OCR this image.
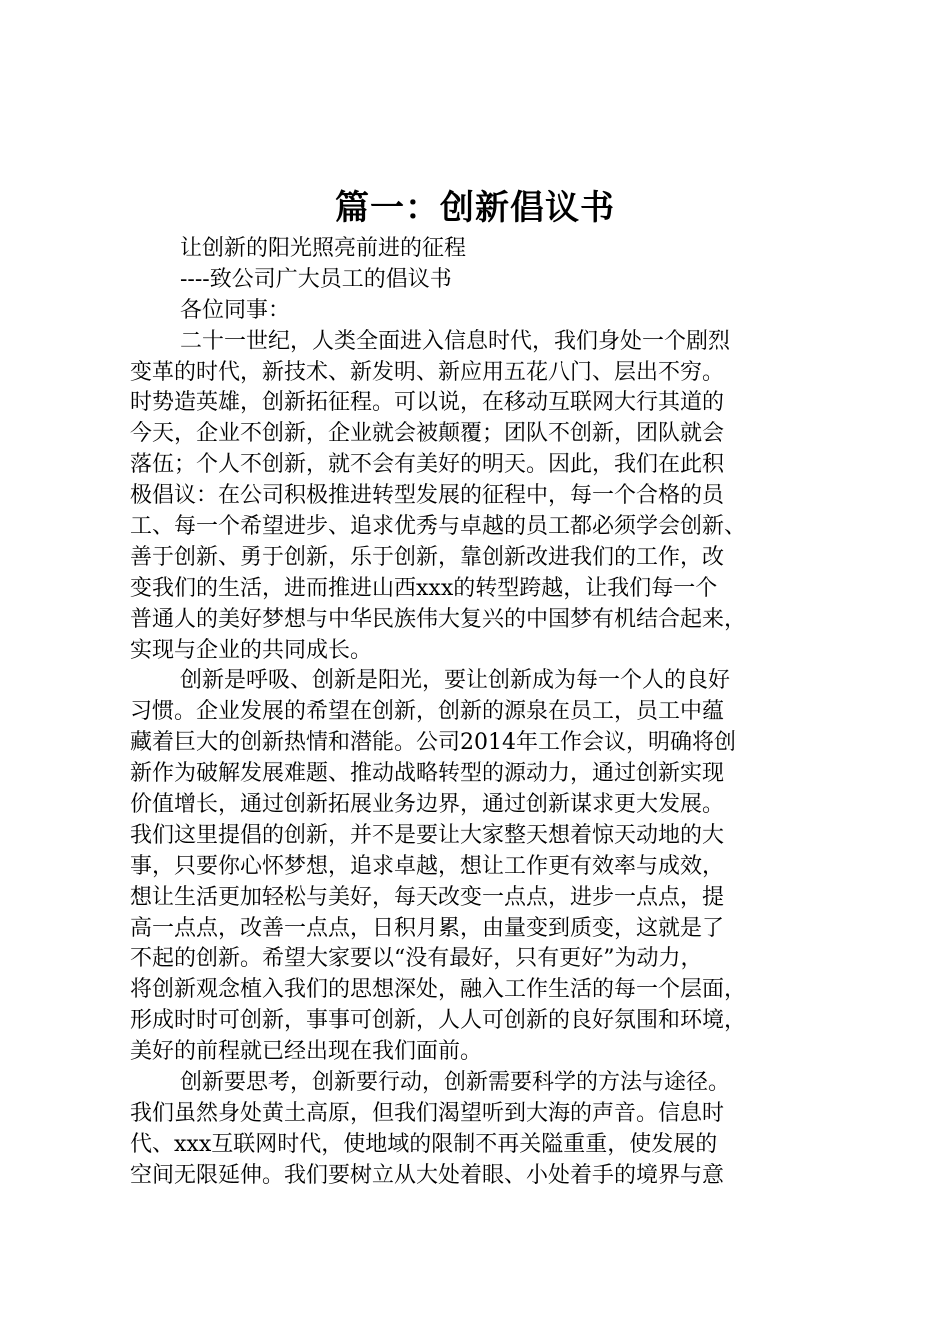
篇一：创新倡议书
让创新的阳光照亮前进的征程
----致公司广大员工的倡议书
各位同事：
二十一世纪，人类全面进入信息时代，我们身处一个剧烈
变革的时代，新技术、新发明、新应用五花八门、层出不穷。
时势造英雄，创新拓征程。可以说，在移动互联网大行其道的
今天，企业不创新，企业就会被颠覆；团队不创新，团队就会
落伍；个人不创新，就不会有美好的明天。因此，我们在此积
极倡议：在公司积极推进转型发展的征程中，每一个合格的员
工、每一个希望进步、追求优秀与卓越的员工都必须学会创新、
善于创新、勇于创新，乐于创新，靠创新改进我们的工作，改
变我们的生活，进而推进山西xxx的转型跨越，让我们每一个
普通人的美好梦想与中华民族伟大复兴的中国梦有机结合起来，
实现与企业的共同成长。
创新是呼吸、创新是阳光，要让创新成为每一个人的良好
习惯。企业发展的希望在创新，创新的源泉在员工，员工中蕴
藏着巨大的创新热情和潜能。公司2014年工作会议，明确将创
新作为破解发展难题、推动战略转型的源动力，通过创新实现
价值增长，通过创新拓展业务边界，通过创新谋求更大发展。
我们这里提倡的创新，并不是要让大家整天想着惊天动地的大
事，只要你心怀梦想，追求卓越，想让工作更有效率与成效，
想让生活更加轻松与美好，每天改变一点点，进步一点点，提
高一点点，改善一点点，日积月累，由量变到质变，这就是了
不起的创新。希望大家要以“没有最好，只有更好”为动力，
将创新观念植入我们的思想深处，融入工作生活的每一个层面，
形成时时可创新，事事可创新，人人可创新的良好氛围和环境，
美好的前程就已经出现在我们面前。
创新要思考，创新要行动，创新需要科学的方法与途径。
我们虽然身处黄土高原，但我们渴望听到大海的声音。信息时
代、xxx互联网时代，使地域的限制不再关隘重重，使发展的
空间无限延伸。我们要树立从大处着眼、小处着手的境界与意
